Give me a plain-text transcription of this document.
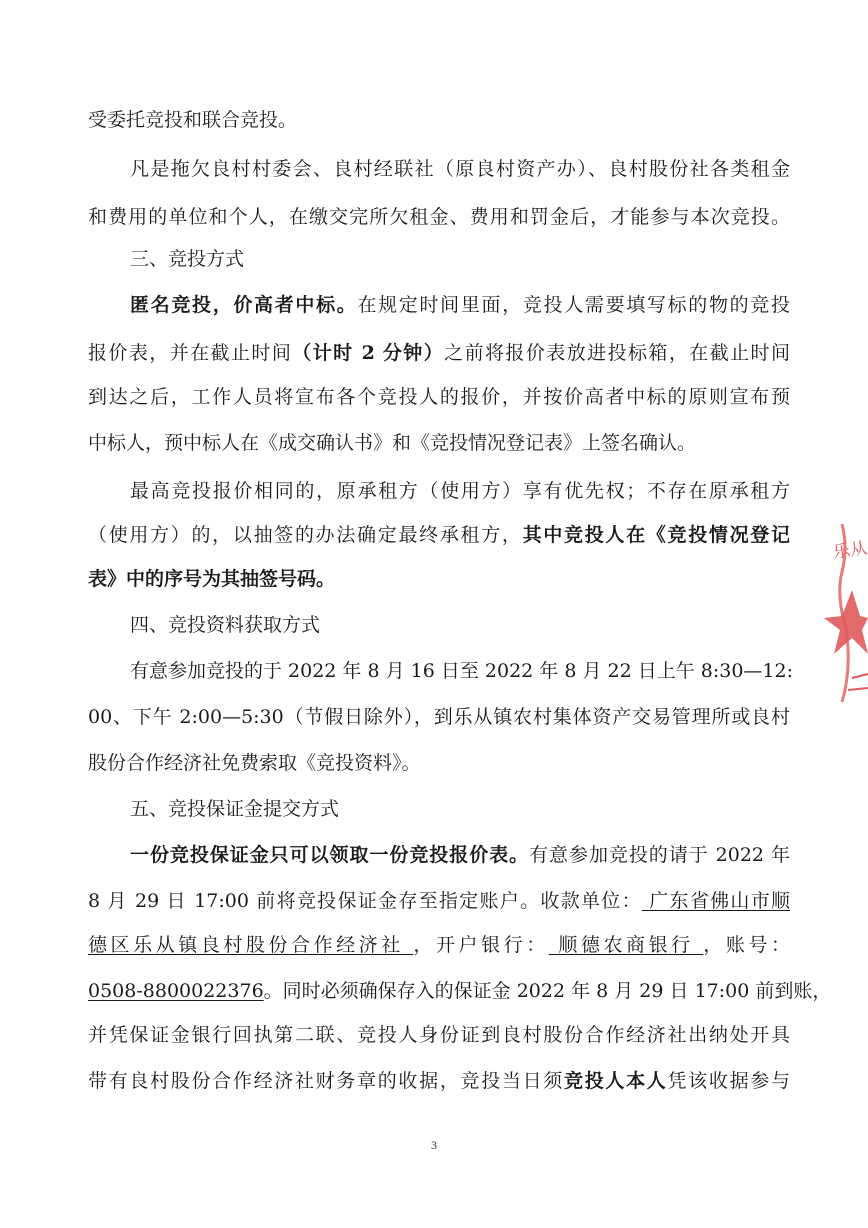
受委托竞投和联合竞投。
凡是拖欠良村村委会、良村经联社（原良村资产办）、良村股份社各类租金
和费用的单位和个人，在缴交完所欠租金、费用和罚金后，才能参与本次竞投。
三、竞投方式
匿名竞投，价高者中标。在规定时间里面，竞投人需要填写标的物的竞投
报价表，并在截止时间（计时 2 分钟）之前将报价表放进投标箱，在截止时间
到达之后，工作人员将宣布各个竞投人的报价，并按价高者中标的原则宣布预
中标人，预中标人在《成交确认书》和《竞投情况登记表》上签名确认。
最高竞投报价相同的，原承租方（使用方）享有优先权；不存在原承租方
（使用方）的，以抽签的办法确定最终承租方，其中竞投人在《竞投情况登记
表》中的序号为其抽签号码。
四、竞投资料获取方式
有意参加竞投的于 2022 年 8 月 16 日至 2022 年 8 月 22 日上午 8:30—12:
00、下午 2:00—5:30（节假日除外），到乐从镇农村集体资产交易管理所或良村
股份合作经济社免费索取《竞投资料》。
五、竞投保证金提交方式
一份竞投保证金只可以领取一份竞投报价表。有意参加竞投的请于 2022 年
8 月 29 日 17:00 前将竞投保证金存至指定账户。收款单位： 广东省佛山市顺
德区乐从镇良村股份合作经济社 ，开户银行： 顺德农商银行 ，账号：
0508-8800022376。同时必须确保存入的保证金 2022 年 8 月 29 日 17:00 前到账，
并凭保证金银行回执第二联、竞投人身份证到良村股份合作经济社出纳处开具
带有良村股份合作经济社财务章的收据，竞投当日须竞投人本人凭该收据参与
3
乐从
